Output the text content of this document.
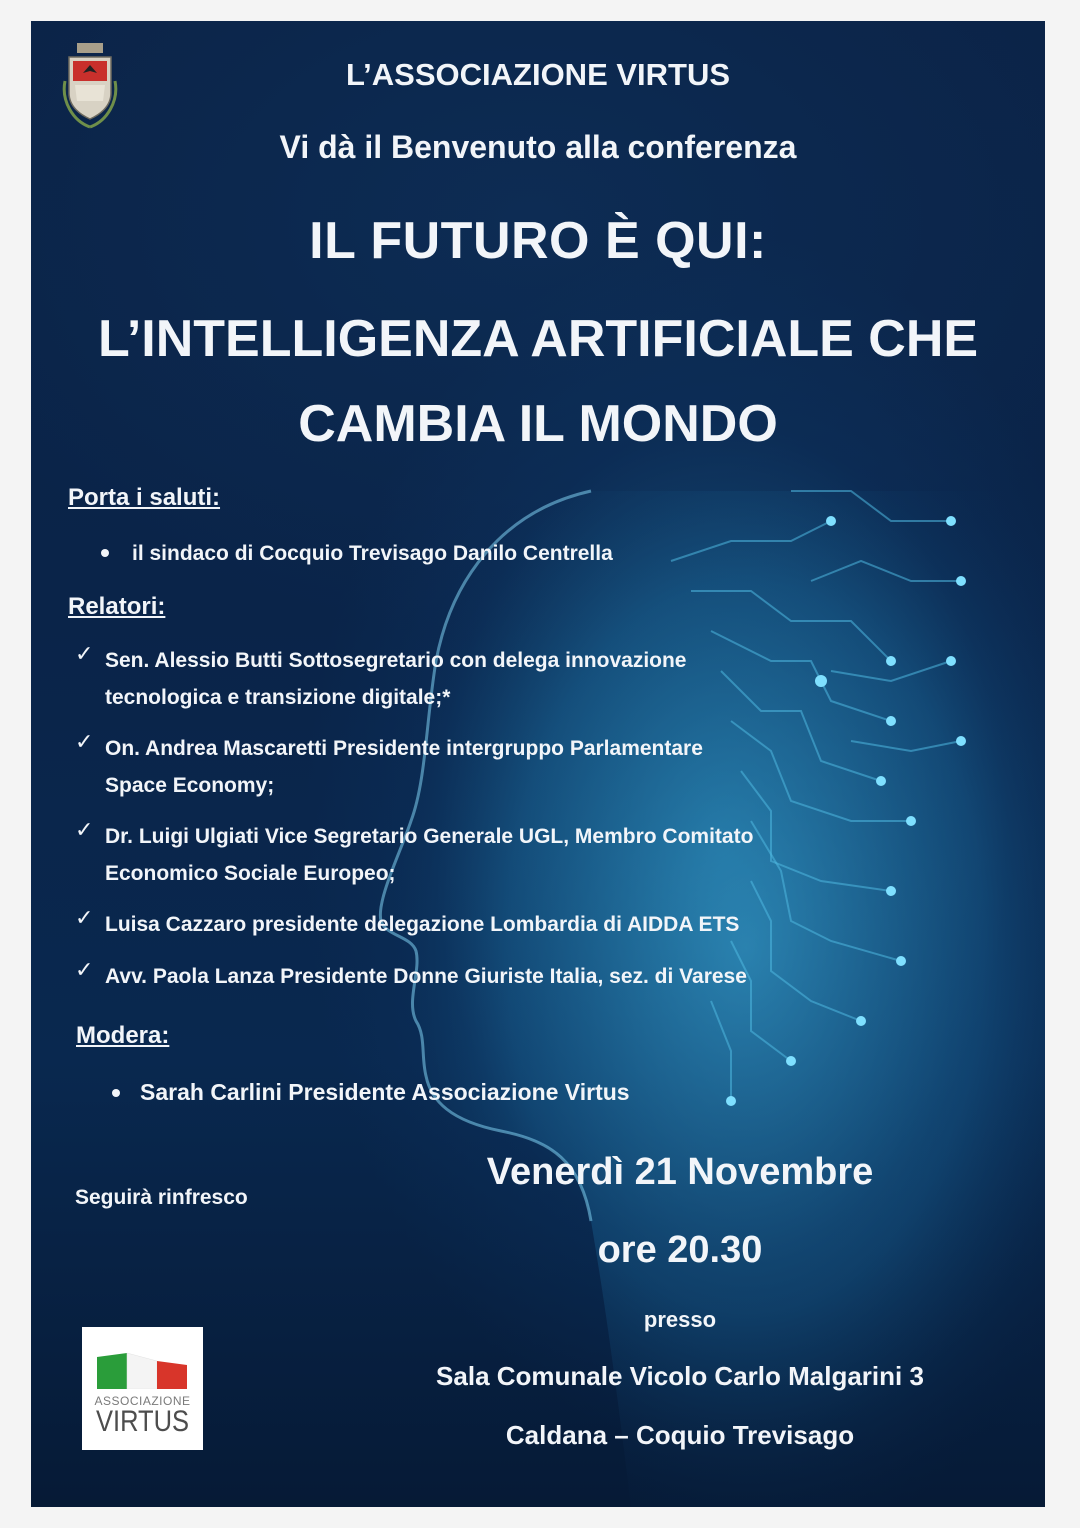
L’ASSOCIAZIONE VIRTUS
Vi dà il Benvenuto alla conferenza
IL FUTURO È QUI:
L’INTELLIGENZA ARTIFICIALE CHE
CAMBIA IL MONDO
Porta i saluti:
il sindaco di Cocquio Trevisago Danilo Centrella
Relatori:
✓ Sen. Alessio Butti Sottosegretario con delega innovazione
tecnologica e transizione digitale;*
✓ On. Andrea Mascaretti Presidente intergruppo Parlamentare
Space Economy;
✓ Dr. Luigi Ulgiati Vice Segretario Generale UGL, Membro Comitato
Economico Sociale Europeo;
✓ Luisa Cazzaro presidente delegazione Lombardia di AIDDA ETS
✓ Avv. Paola Lanza Presidente Donne Giuriste Italia, sez. di Varese
Modera:
Sarah Carlini Presidente Associazione Virtus
Seguirà rinfresco
Venerdì 21 Novembre
ore 20.30
presso
Sala Comunale Vicolo Carlo Malgarini 3
Caldana – Coquio Trevisago
ASSOCIAZIONE
VIRTUS
